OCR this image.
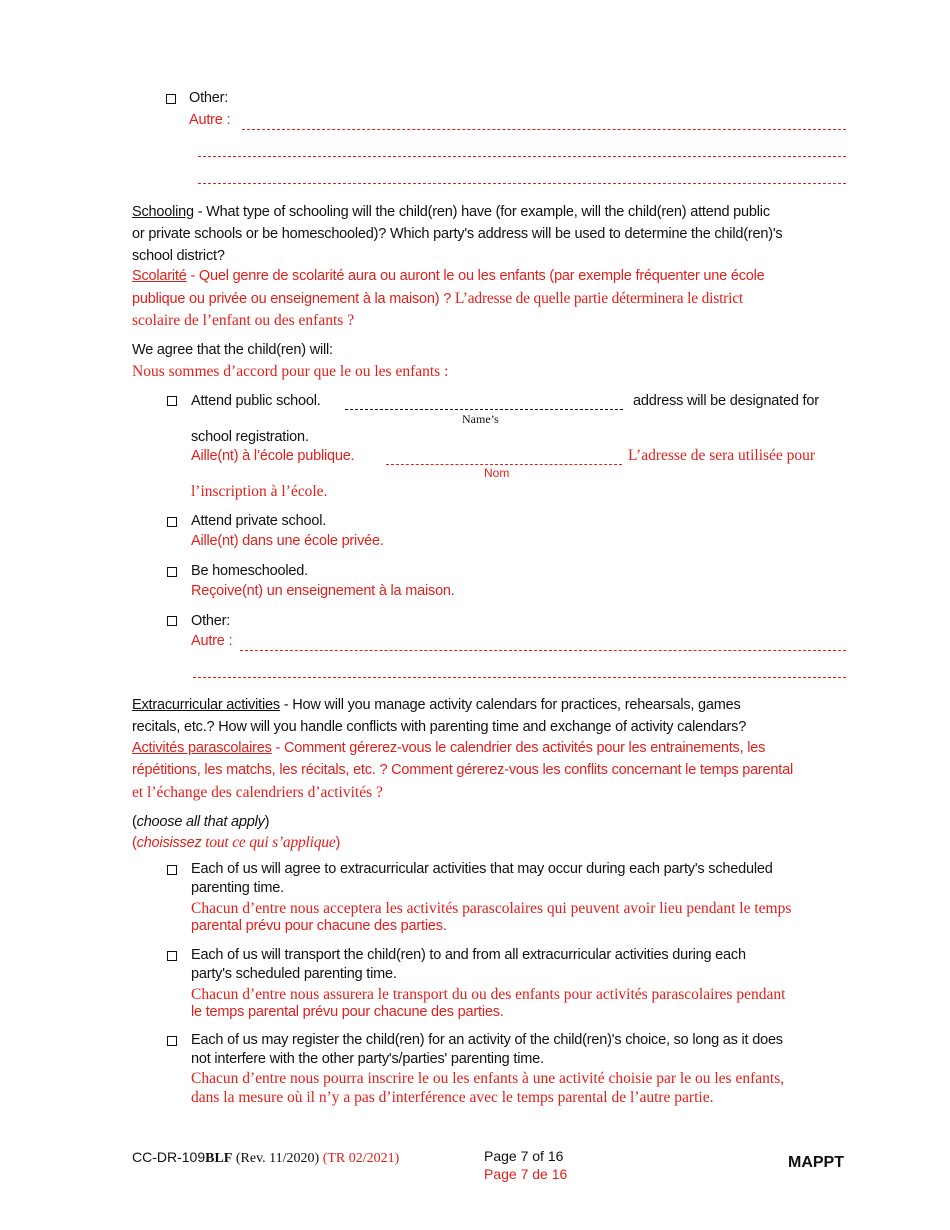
Other:
Autre :
Schooling - What type of schooling will the child(ren) have (for example, will the child(ren) attend public
or private schools or be homeschooled)? Which party's address will be used to determine the child(ren)'s
school district?
Scolarité - Quel genre de scolarité aura ou auront le ou les enfants (par exemple fréquenter une école
publique ou privée ou enseignement à la maison) ? L’adresse de quelle partie déterminera le district
scolaire de l’enfant ou des enfants ?
We agree that the child(ren) will:
Nous sommes d’accord pour que le ou les enfants :
Attend public school.	address will be designated for
Name’s
school registration.
Aille(nt) à l’école publique.	L’adresse de sera utilisée pour
Nom
l’inscription à l’école.
Attend private school.
Aille(nt) dans une école privée.
Be homeschooled.
Reçoive(nt) un enseignement à la maison.
Other:
Autre :
Extracurricular activities - How will you manage activity calendars for practices, rehearsals, games
recitals, etc.? How will you handle conflicts with parenting time and exchange of activity calendars?
Activités parascolaires - Comment gérerez-vous le calendrier des activités pour les entrainements, les
répétitions, les matchs, les récitals, etc. ? Comment gérerez-vous les conflits concernant le temps parental
et l’échange des calendriers d’activités ?
(choose all that apply)
(choisissez tout ce qui s’applique)
Each of us will agree to extracurricular activities that may occur during each party's scheduled
parenting time.
Chacun d’entre nous acceptera les activités parascolaires qui peuvent avoir lieu pendant le temps
parental prévu pour chacune des parties.
Each of us will transport the child(ren) to and from all extracurricular activities during each
party's scheduled parenting time.
Chacun d’entre nous assurera le transport du ou des enfants pour activités parascolaires pendant
le temps parental prévu pour chacune des parties.
Each of us may register the child(ren) for an activity of the child(ren)'s choice, so long as it does
not interfere with the other party's/parties' parenting time.
Chacun d’entre nous pourra inscrire le ou les enfants à une activité choisie par le ou les enfants,
dans la mesure où il n’y a pas d’interférence avec le temps parental de l’autre partie.
CC-DR-109BLF (Rev. 11/2020) (TR 02/2021)	Page 7 of 16
Page 7 de 16
MAPPT
